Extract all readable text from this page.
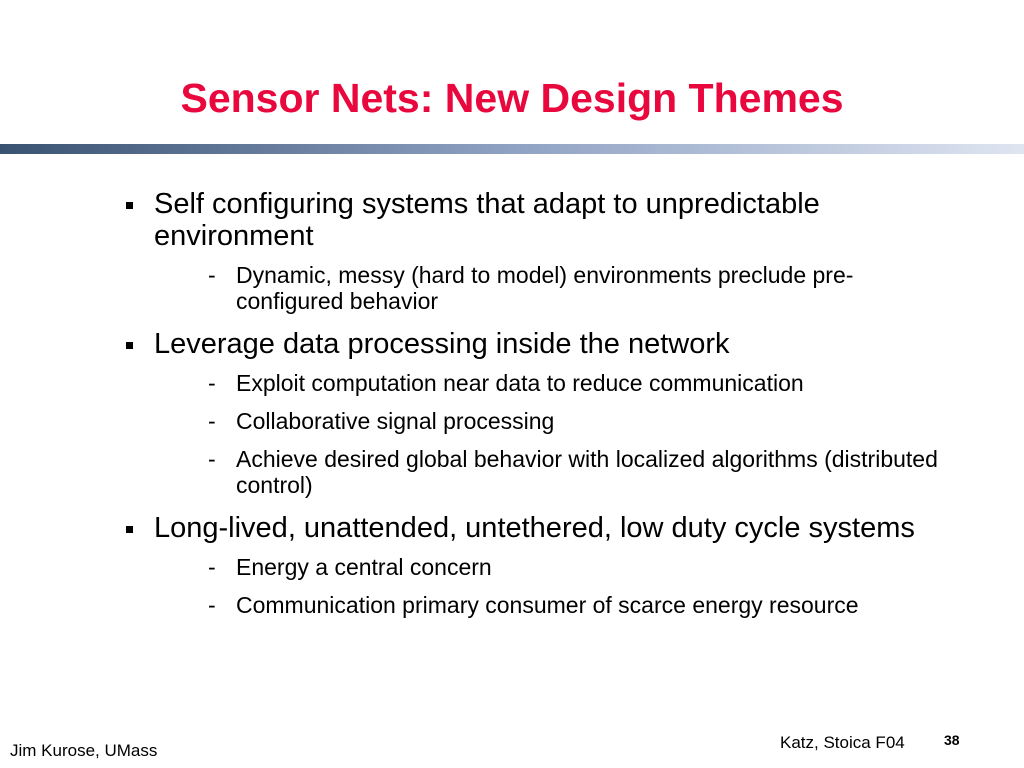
Sensor Nets: New Design Themes
Self configuring systems that adapt to unpredictable environment
- Dynamic, messy (hard to model) environments preclude pre-configured behavior
Leverage data processing inside the network
- Exploit computation near data to reduce communication
- Collaborative signal processing
- Achieve desired global behavior with localized algorithms (distributed control)
Long-lived, unattended, untethered, low duty cycle systems
- Energy a central concern
- Communication primary consumer of scarce energy resource
Jim Kurose, UMass	Katz, Stoica F04	38
